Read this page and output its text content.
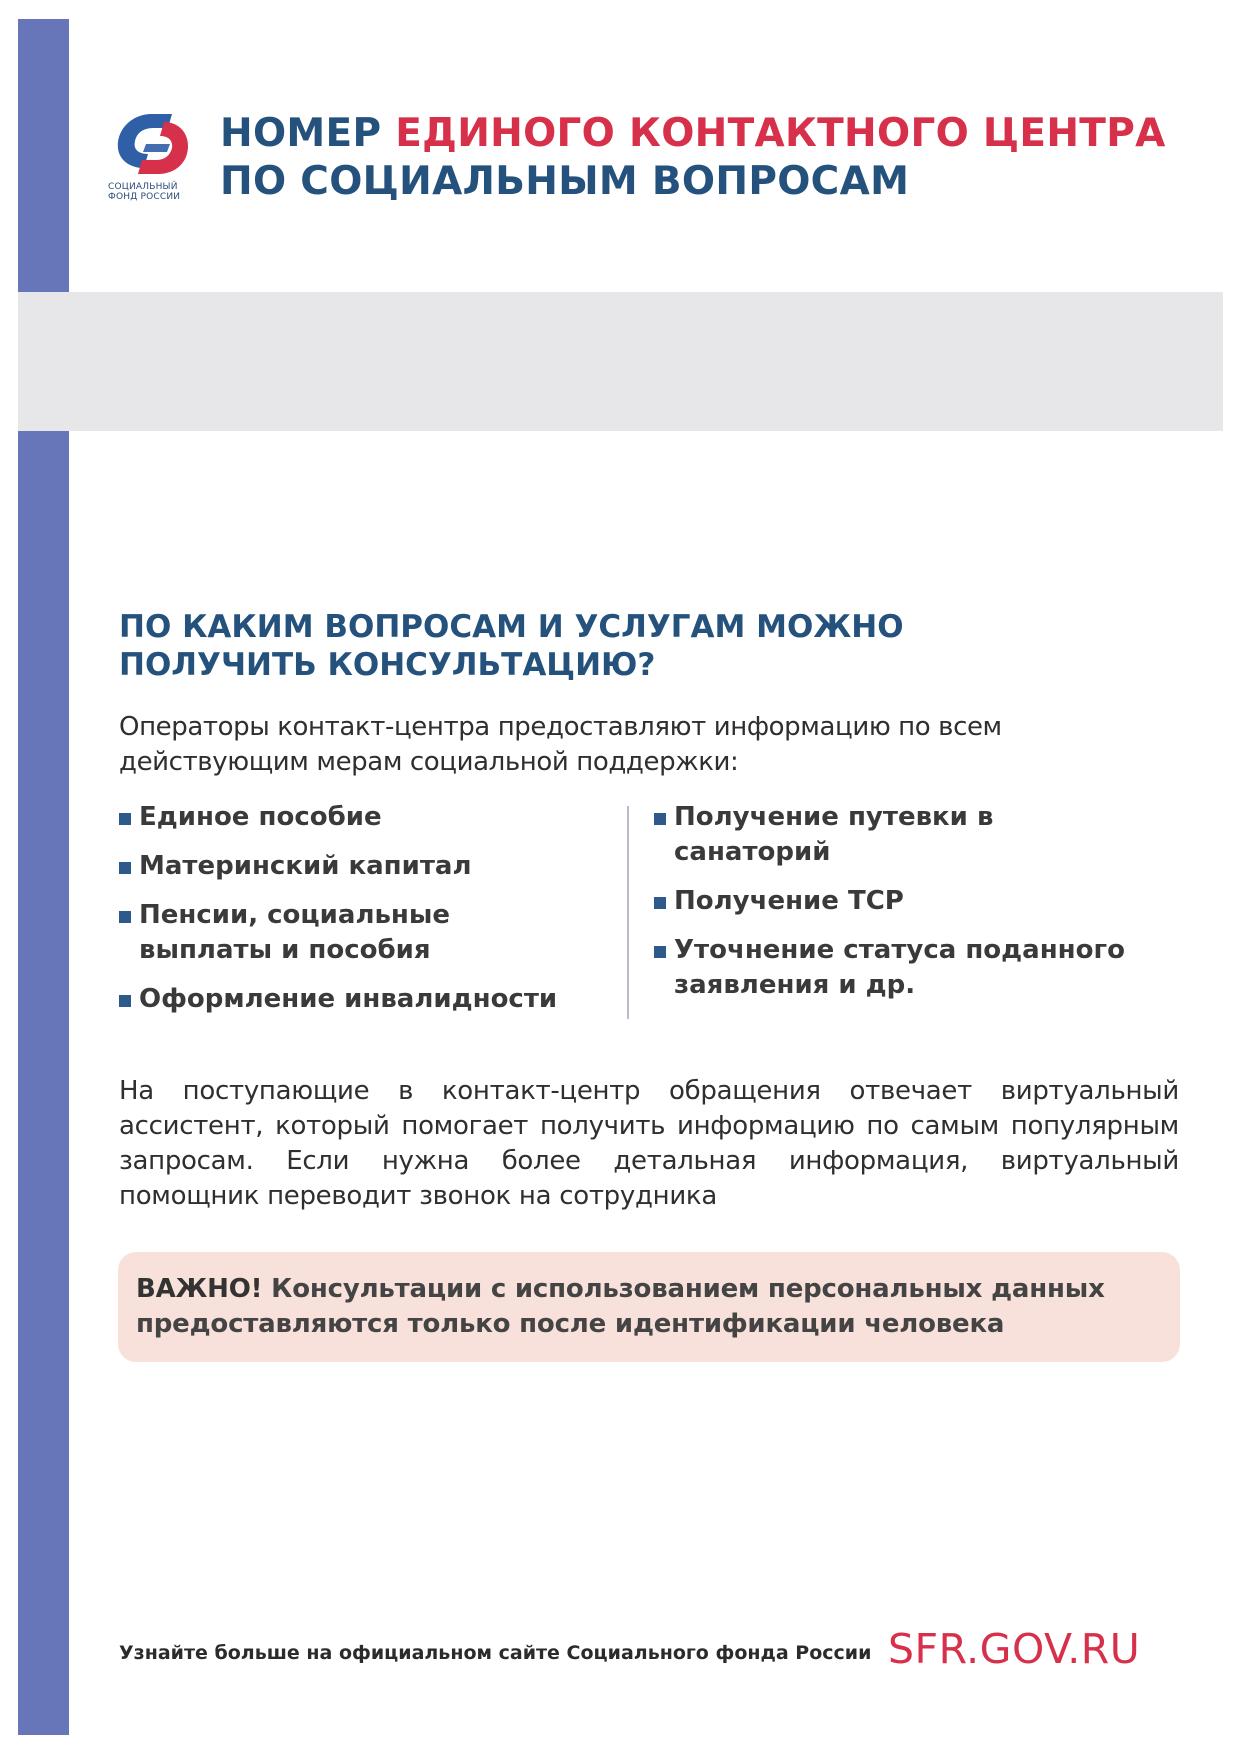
СОЦИАЛЬНЫЙ
ФОНД РОССИИ
НОМЕР ЕДИНОГО КОНТАКТНОГО ЦЕНТРА
ПО СОЦИАЛЬНЫМ ВОПРОСАМ
ПО КАКИМ ВОПРОСАМ И УСЛУГАМ МОЖНО
ПОЛУЧИТЬ КОНСУЛЬТАЦИЮ?
Операторы контакт-центра предоставляют информацию по всем действующим мерам социальной поддержки:
Единое пособие
Материнский капитал
Пенсии, социальные выплаты и пособия
Оформление инвалидности
Получение путевки в санаторий
Получение ТСР
Уточнение статуса поданного заявления и др.
На поступающие в контакт-центр обращения отвечает виртуальный ассистент, который помогает получить информацию по самым популярным запросам. Если нужна более детальная информация, виртуальный помощник переводит звонок на сотрудника
ВАЖНО! Консультации с использованием персональных данных предоставляются только после идентификации человека
Узнайте больше на официальном сайте Социального фонда России SFR.GOV.RU
